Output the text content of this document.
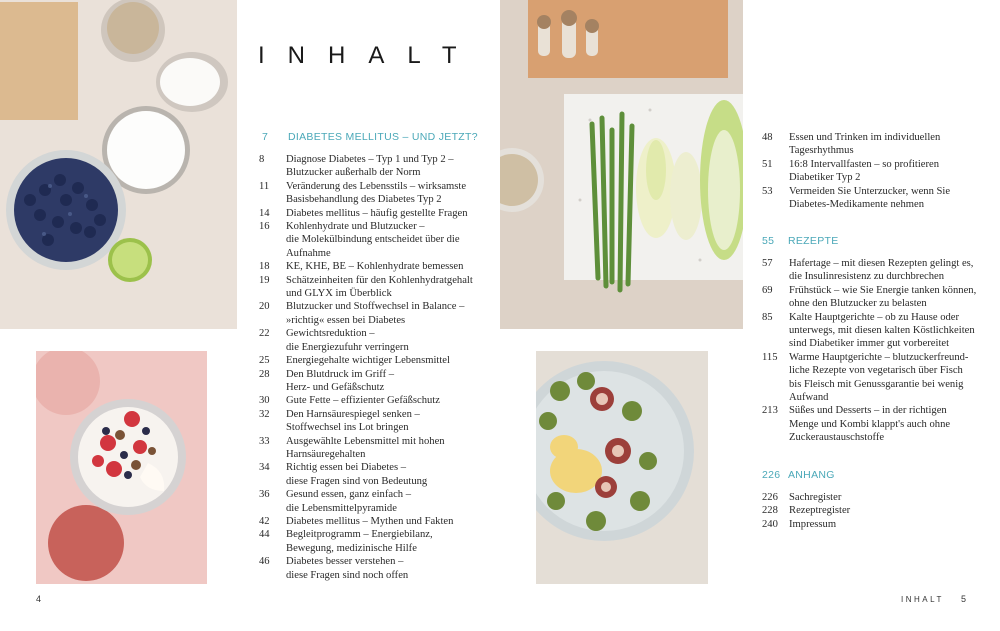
INHALT
7 DIABETES MELLITUS – UND JETZT?
8	Diagnose Diabetes – Typ 1 und Typ 2 –
Blutzucker außerhalb der Norm
11	Veränderung des Lebensstils – wirksamste
Basisbehandlung des Diabetes Typ 2
14	Diabetes mellitus – häufig gestellte Fragen
16	Kohlenhydrate und Blutzucker –
die Molekülbindung entscheidet über die
Aufnahme
18	KE, KHE, BE – Kohlenhydrate bemessen
19	Schätzeinheiten für den Kohlenhydratgehalt
und GLYX im Überblick
20	Blutzucker und Stoffwechsel in Balance –
»richtig« essen bei Diabetes
22	Gewichtsreduktion –
die Energiezufuhr verringern
25	Energiegehalte wichtiger Lebensmittel
28	Den Blutdruck im Griff –
Herz- und Gefäßschutz
30	Gute Fette – effizienter Gefäßschutz
32	Den Harnsäurespiegel senken –
Stoffwechsel ins Lot bringen
33	Ausgewählte Lebensmittel mit hohen
Harnsäuregehalten
34	Richtig essen bei Diabetes –
diese Fragen sind von Bedeutung
36	Gesund essen, ganz einfach –
die Lebensmittelpyramide
42	Diabetes mellitus – Mythen und Fakten
44	Begleitprogramm – Energiebilanz,
Bewegung, medizinische Hilfe
46	Diabetes besser verstehen –
diese Fragen sind noch offen
4
48	Essen und Trinken im individuellen
Tagesrhythmus
51	16:8 Intervallfasten – so profitieren
Diabetiker Typ 2
53	Vermeiden Sie Unterzucker, wenn Sie
Diabetes-Medikamente nehmen
55 REZEPTE
57	Hafertage – mit diesen Rezepten gelingt es,
die Insulinresistenz zu durchbrechen
69	Frühstück – wie Sie Energie tanken können,
ohne den Blutzucker zu belasten
85	Kalte Hauptgerichte – ob zu Hause oder
unterwegs, mit diesen kalten Köstlichkeiten
sind Diabetiker immer gut vorbereitet
115	Warme Hauptgerichte – blutzuckerfreund-
liche Rezepte von vegetarisch über Fisch
bis Fleisch mit Genussgarantie bei wenig
Aufwand
213	Süßes und Desserts – in der richtigen
Menge und Kombi klappt's auch ohne
Zuckeraustauschstoffe
226 ANHANG
226	Sachregister
228	Rezeptregister
240	Impressum
INHALT 5
